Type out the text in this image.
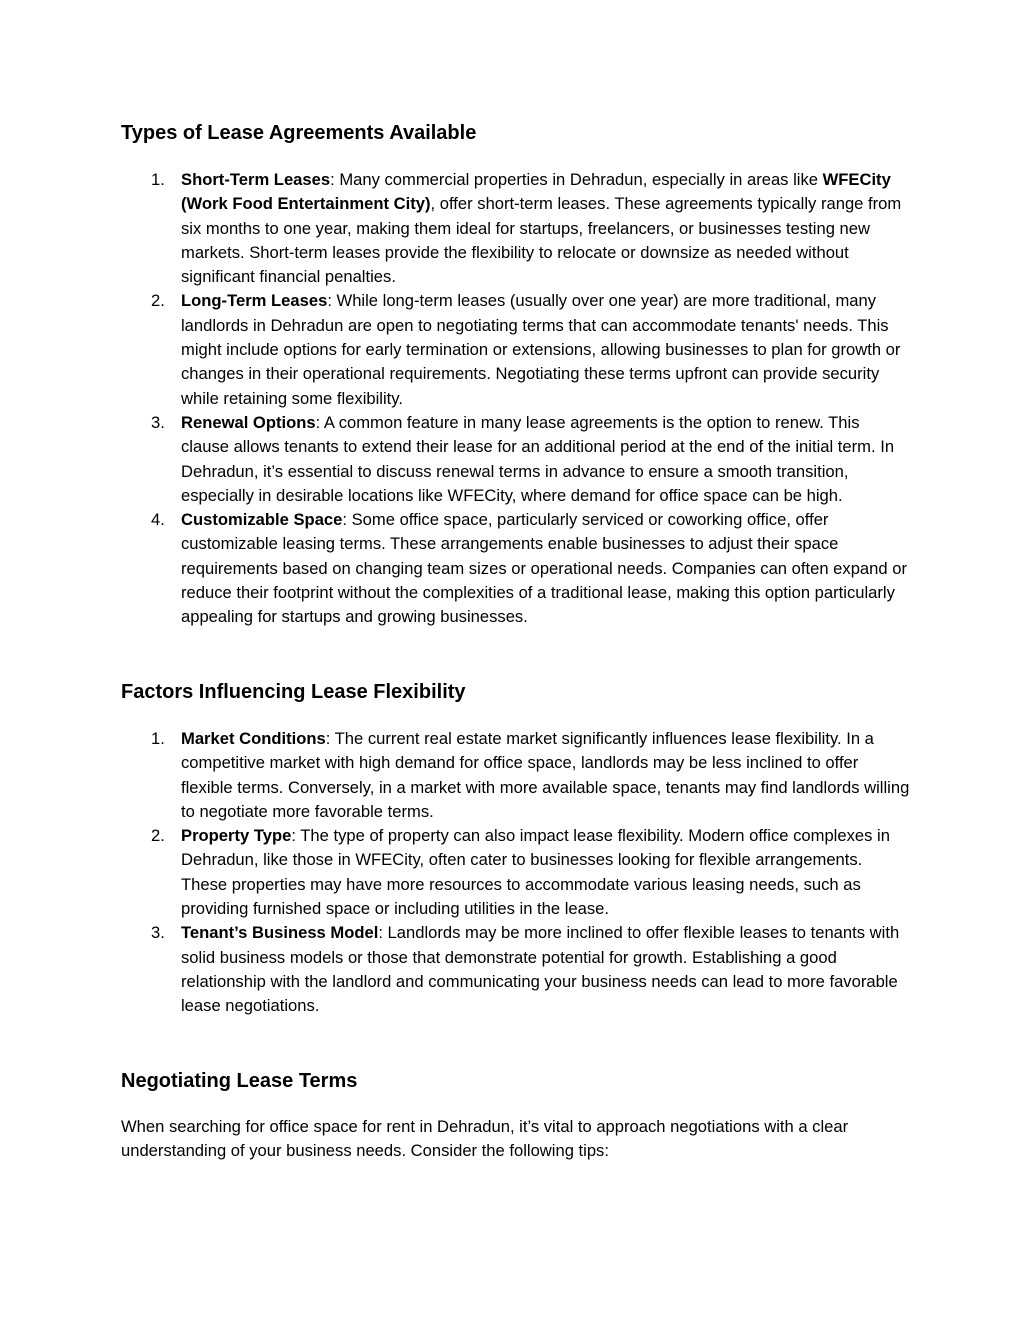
Types of Lease Agreements Available
1. Short-Term Leases: Many commercial properties in Dehradun, especially in areas like WFECity (Work Food Entertainment City), offer short-term leases. These agreements typically range from six months to one year, making them ideal for startups, freelancers, or businesses testing new markets. Short-term leases provide the flexibility to relocate or downsize as needed without significant financial penalties.
2. Long-Term Leases: While long-term leases (usually over one year) are more traditional, many landlords in Dehradun are open to negotiating terms that can accommodate tenants' needs. This might include options for early termination or extensions, allowing businesses to plan for growth or changes in their operational requirements. Negotiating these terms upfront can provide security while retaining some flexibility.
3. Renewal Options: A common feature in many lease agreements is the option to renew. This clause allows tenants to extend their lease for an additional period at the end of the initial term. In Dehradun, it’s essential to discuss renewal terms in advance to ensure a smooth transition, especially in desirable locations like WFECity, where demand for office space can be high.
4. Customizable Space: Some office space, particularly serviced or coworking office, offer customizable leasing terms. These arrangements enable businesses to adjust their space requirements based on changing team sizes or operational needs. Companies can often expand or reduce their footprint without the complexities of a traditional lease, making this option particularly appealing for startups and growing businesses.
Factors Influencing Lease Flexibility
1. Market Conditions: The current real estate market significantly influences lease flexibility. In a competitive market with high demand for office space, landlords may be less inclined to offer flexible terms. Conversely, in a market with more available space, tenants may find landlords willing to negotiate more favorable terms.
2. Property Type: The type of property can also impact lease flexibility. Modern office complexes in Dehradun, like those in WFECity, often cater to businesses looking for flexible arrangements. These properties may have more resources to accommodate various leasing needs, such as providing furnished space or including utilities in the lease.
3. Tenant’s Business Model: Landlords may be more inclined to offer flexible leases to tenants with solid business models or those that demonstrate potential for growth. Establishing a good relationship with the landlord and communicating your business needs can lead to more favorable lease negotiations.
Negotiating Lease Terms

When searching for office space for rent in Dehradun, it’s vital to approach negotiations with a clear understanding of your business needs. Consider the following tips:
